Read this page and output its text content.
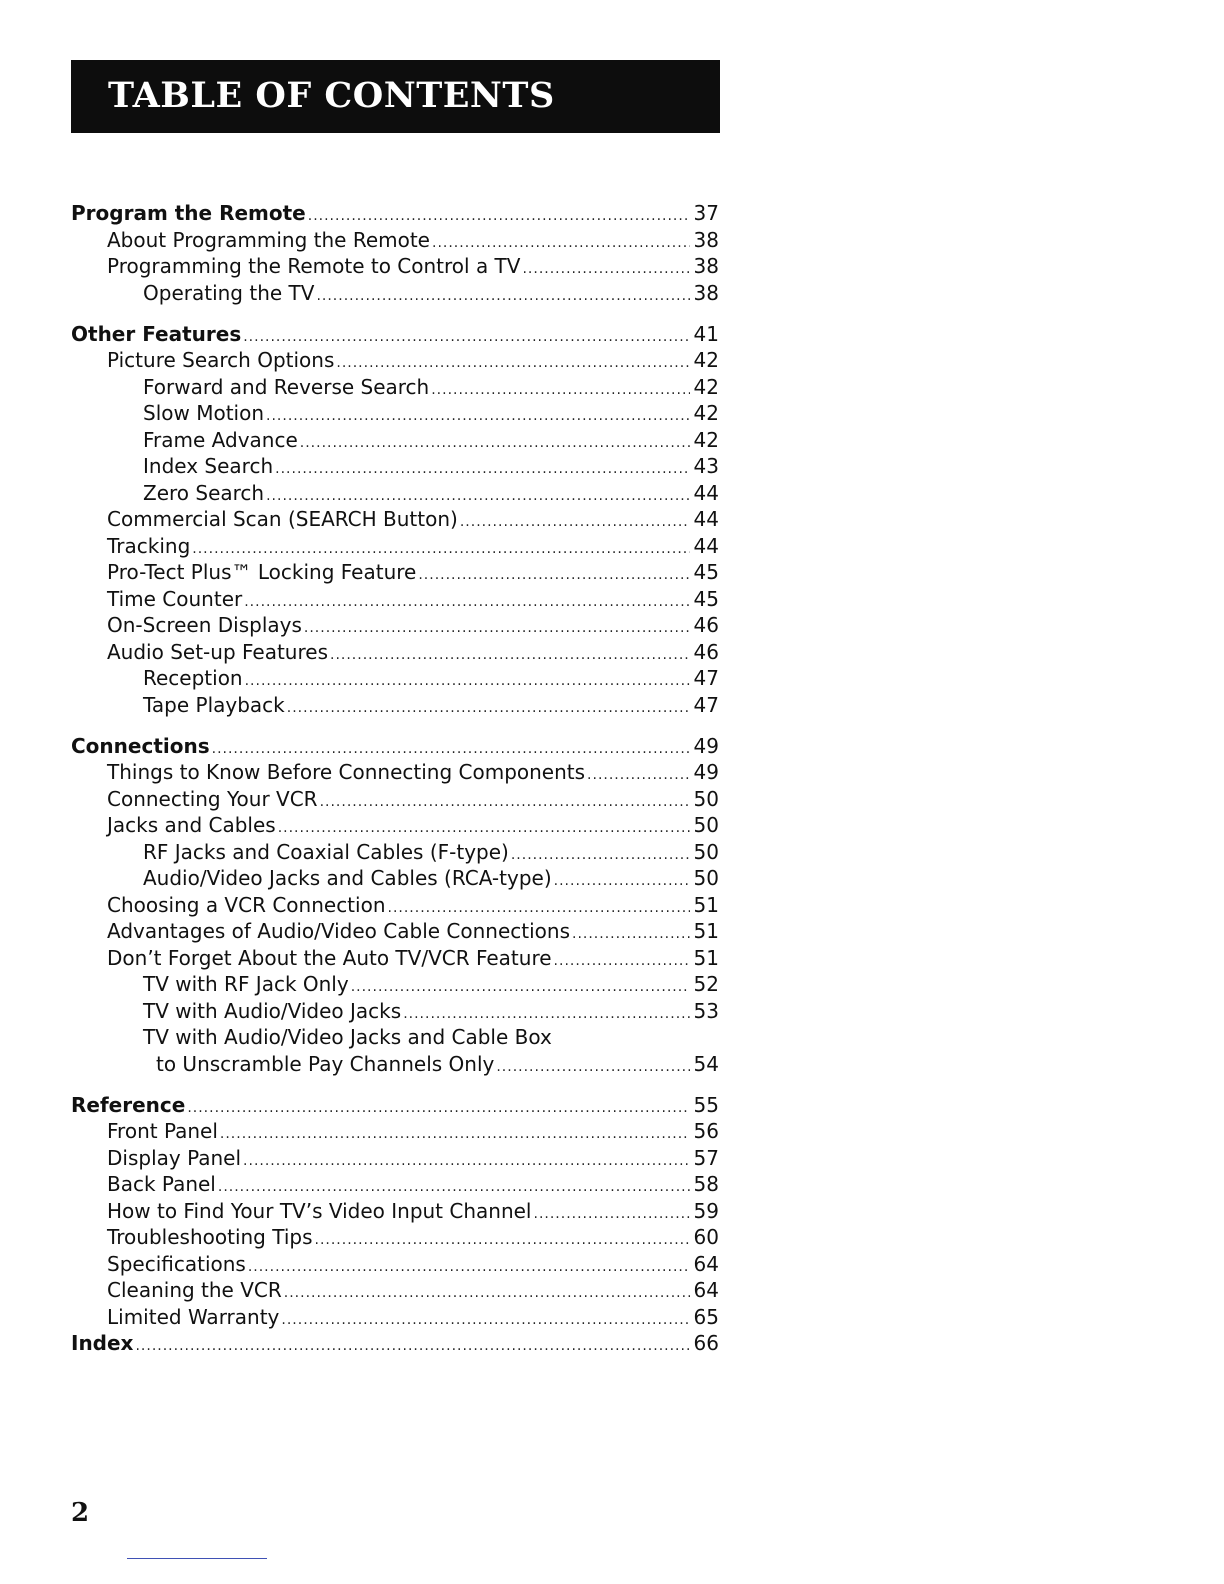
TABLE OF CONTENTS
Program the Remote .....	37
About Programming the Remote .....	38
Programming the Remote to Control a TV .....	38
Operating the TV .....	38
Other Features .....	41
Picture Search Options .....	42
Forward and Reverse Search .....	42
Slow Motion .....	42
Frame Advance .....	42
Index Search .....	43
Zero Search .....	44
Commercial Scan (SEARCH Button) .....	44
Tracking .....	44
Pro-Tect Plus™ Locking Feature .....	45
Time Counter .....	45
On-Screen Displays .....	46
Audio Set-up Features .....	46
Reception .....	47
Tape Playback .....	47
Connections .....	49
Things to Know Before Connecting Components .....	49
Connecting Your VCR .....	50
Jacks and Cables .....	50
RF Jacks and Coaxial Cables (F-type) .....	50
Audio/Video Jacks and Cables (RCA-type) .....	50
Choosing a VCR Connection .....	51
Advantages of Audio/Video Cable Connections .....	51
Don’t Forget About the Auto TV/VCR Feature .....	51
TV with RF Jack Only .....	52
TV with Audio/Video Jacks .....	53
TV with Audio/Video Jacks and Cable Box
to Unscramble Pay Channels Only .....	54
Reference .....	55
Front Panel .....	56
Display Panel .....	57
Back Panel .....	58
How to Find Your TV’s Video Input Channel .....	59
Troubleshooting Tips .....	60
Specifications .....	64
Cleaning the VCR .....	64
Limited Warranty .....	65
Index .....	66
2
